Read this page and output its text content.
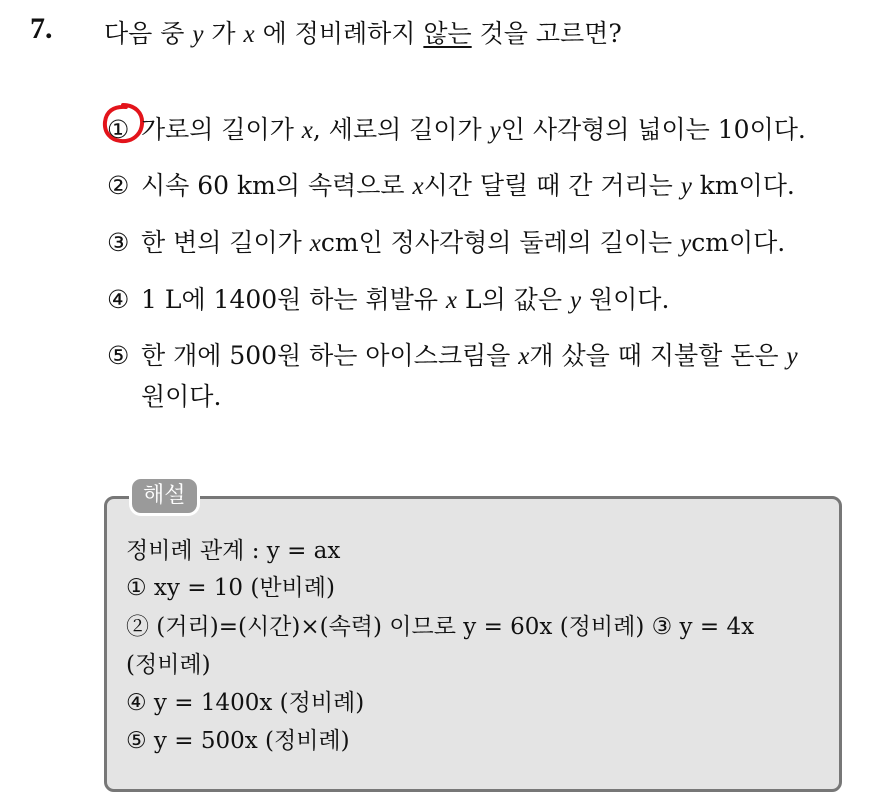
7. 다음 중 y 가 x 에 정비례하지 않는 것을 고르면?
① 가로의 길이가 x, 세로의 길이가 y인 사각형의 넓이는 10이다.
② 시속 60 km의 속력으로 x시간 달릴 때 간 거리는 y km이다.
③ 한 변의 길이가 xcm인 정사각형의 둘레의 길이는 ycm이다.
④ 1 L에 1400원 하는 휘발유 x L의 값은 y 원이다.
⑤ 한 개에 500원 하는 아이스크림을 x개 샀을 때 지불할 돈은 y
원이다.
해설
정비례 관계 : y = ax
① xy = 10 (반비례)
② (거리)=(시간)×(속력) 이므로 y = 60x (정비례) ③ y = 4x
(정비례)
④ y = 1400x (정비례)
⑤ y = 500x (정비례)
